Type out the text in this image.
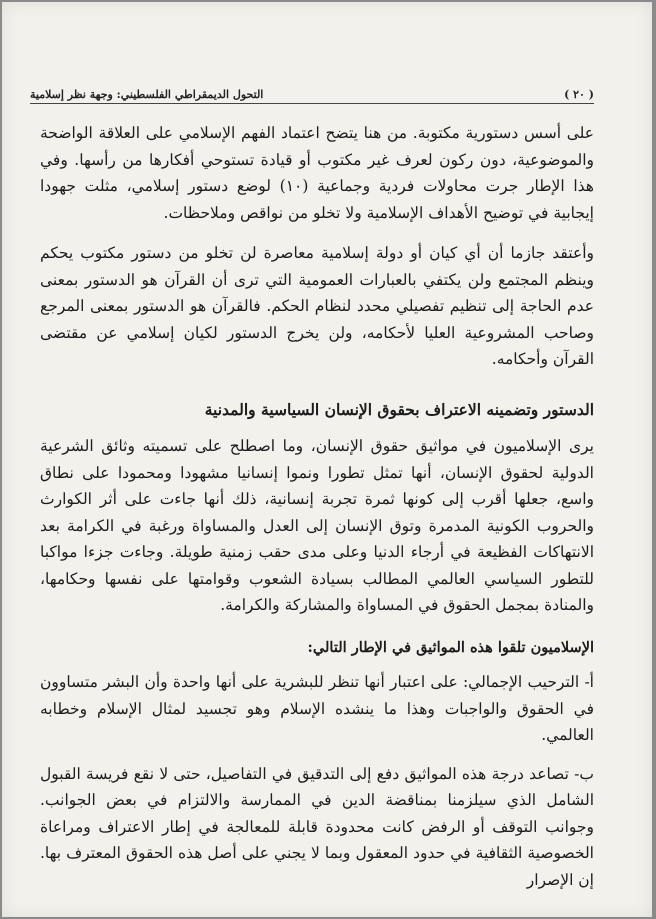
( ٢٠ )
التحول الديمقراطي الفلسطيني: وجهة نظر إسلامية

على أسس دستورية مكتوبة. من هنا يتضح اعتماد الفهم الإسلامي على العلاقة الواضحة والموضوعية، دون ركون لعرف غير مكتوب أو قيادة تستوحي أفكارها من رأسها. وفي هذا الإطار جرت محاولات فردية وجماعية (١٠) لوضع دستور إسلامي، مثلت جهودا إيجابية في توضيح الأهداف الإسلامية ولا تخلو من نواقص وملاحظات.

وأعتقد جازما أن أي كيان أو دولة إسلامية معاصرة لن تخلو من دستور مكتوب يحكم وينظم المجتمع ولن يكتفي بالعبارات العمومية التي ترى أن القرآن هو الدستور بمعنى عدم الحاجة إلى تنظيم تفصيلي محدد لنظام الحكم. فالقرآن هو الدستور بمعنى المرجع وصاحب المشروعية العليا لأحكامه، ولن يخرج الدستور لكيان إسلامي عن مقتضى القرآن وأحكامه.

الدستور وتضمينه الاعتراف بحقوق الإنسان السياسية والمدنية

يرى الإسلاميون في مواثيق حقوق الإنسان، وما اصطلح على تسميته وثائق الشرعية الدولية لحقوق الإنسان، أنها تمثل تطورا ونموا إنسانيا مشهودا ومحمودا على نطاق واسع، جعلها أقرب إلى كونها ثمرة تجربة إنسانية، ذلك أنها جاءت على أثر الكوارث والحروب الكونية المدمرة وتوق الإنسان إلى العدل والمساواة ورغبة في الكرامة بعد الانتهاكات الفظيعة في أرجاء الدنيا وعلى مدى حقب زمنية طويلة. وجاءت جزءا مواكبا للتطور السياسي العالمي المطالب بسيادة الشعوب وقوامتها على نفسها وحكامها، والمنادة بمجمل الحقوق في المساواة والمشاركة والكرامة.

الإسلاميون تلقوا هذه المواثيق في الإطار التالي:

أ- الترحيب الإجمالي: على اعتبار أنها تنظر للبشرية على أنها واحدة وأن البشر متساوون في الحقوق والواجبات وهذا ما ينشده الإسلام وهو تجسيد لمثال الإسلام وخطابه العالمي.

ب- تصاعد درجة هذه المواثيق دفع إلى التدقيق في التفاصيل، حتى لا نقع فريسة القبول الشامل الذي سيلزمنا بمناقضة الدين في الممارسة والالتزام في بعض الجوانب. وجوانب التوقف أو الرفض كانت محدودة قابلة للمعالجة في إطار الاعتراف ومراعاة الخصوصية الثقافية في حدود المعقول وبما لا يجني على أصل هذه الحقوق المعترف بها. إن الإصرار
